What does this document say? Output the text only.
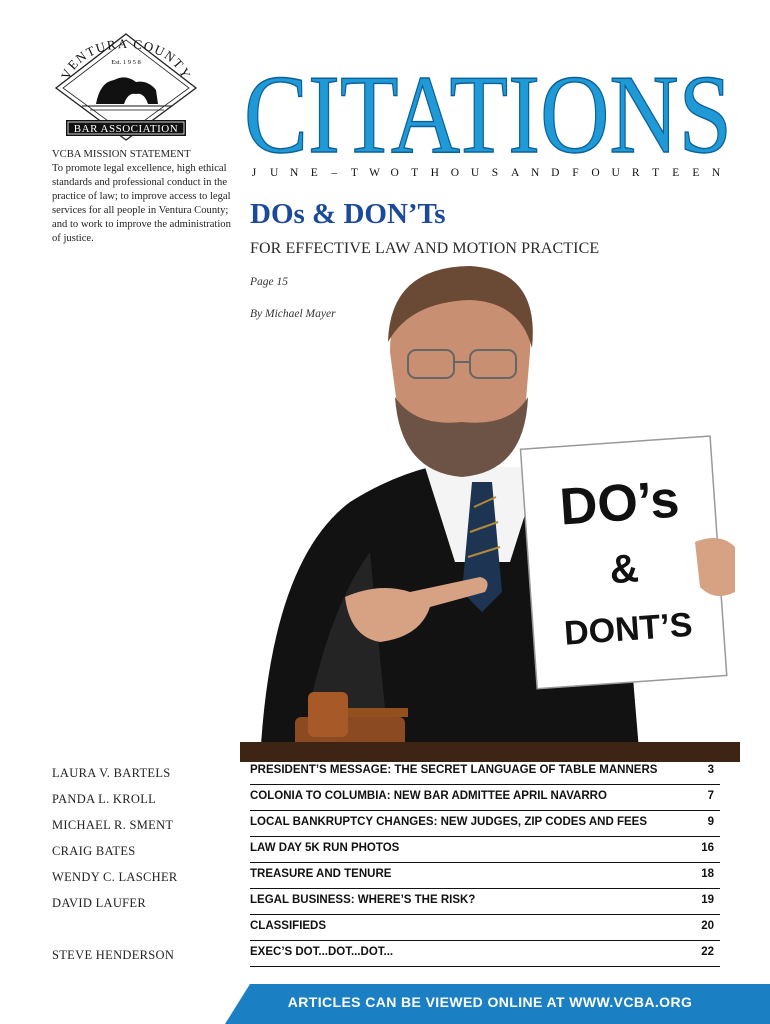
VENTURA COUNTY
Est. 1 9 5 8
BAR ASSOCIATION
VCBA MISSION STATEMENT
To promote legal excellence, high ethical standards and professional conduct in the practice of law; to improve access to legal services for all people in Ventura County; and to work to improve the administration of justice.
CITATIONS
J U N E – T W O T H O U S A N D F O U R T E E N
DOs & DON’Ts
FOR EFFECTIVE LAW AND MOTION PRACTICE
Page 15
By Michael Mayer
DO’s
&
DONT’S
LAURA V. BARTELS
PANDA L. KROLL
MICHAEL R. SMENT
CRAIG BATES
WENDY C. LASCHER
DAVID LAUFER
STEVE HENDERSON
PRESIDENT’S MESSAGE: THE SECRET LANGUAGE OF TABLE MANNERS	3
COLONIA TO COLUMBIA: NEW BAR ADMITTEE APRIL NAVARRO	7
LOCAL BANKRUPTCY CHANGES: NEW JUDGES, ZIP CODES AND FEES	9
LAW DAY 5K RUN PHOTOS	16
TREASURE AND TENURE	18
LEGAL BUSINESS: WHERE’S THE RISK?	19
CLASSIFIEDS	20
EXEC’S DOT...DOT...DOT...	22
ARTICLES CAN BE VIEWED ONLINE AT WWW.VCBA.ORG
